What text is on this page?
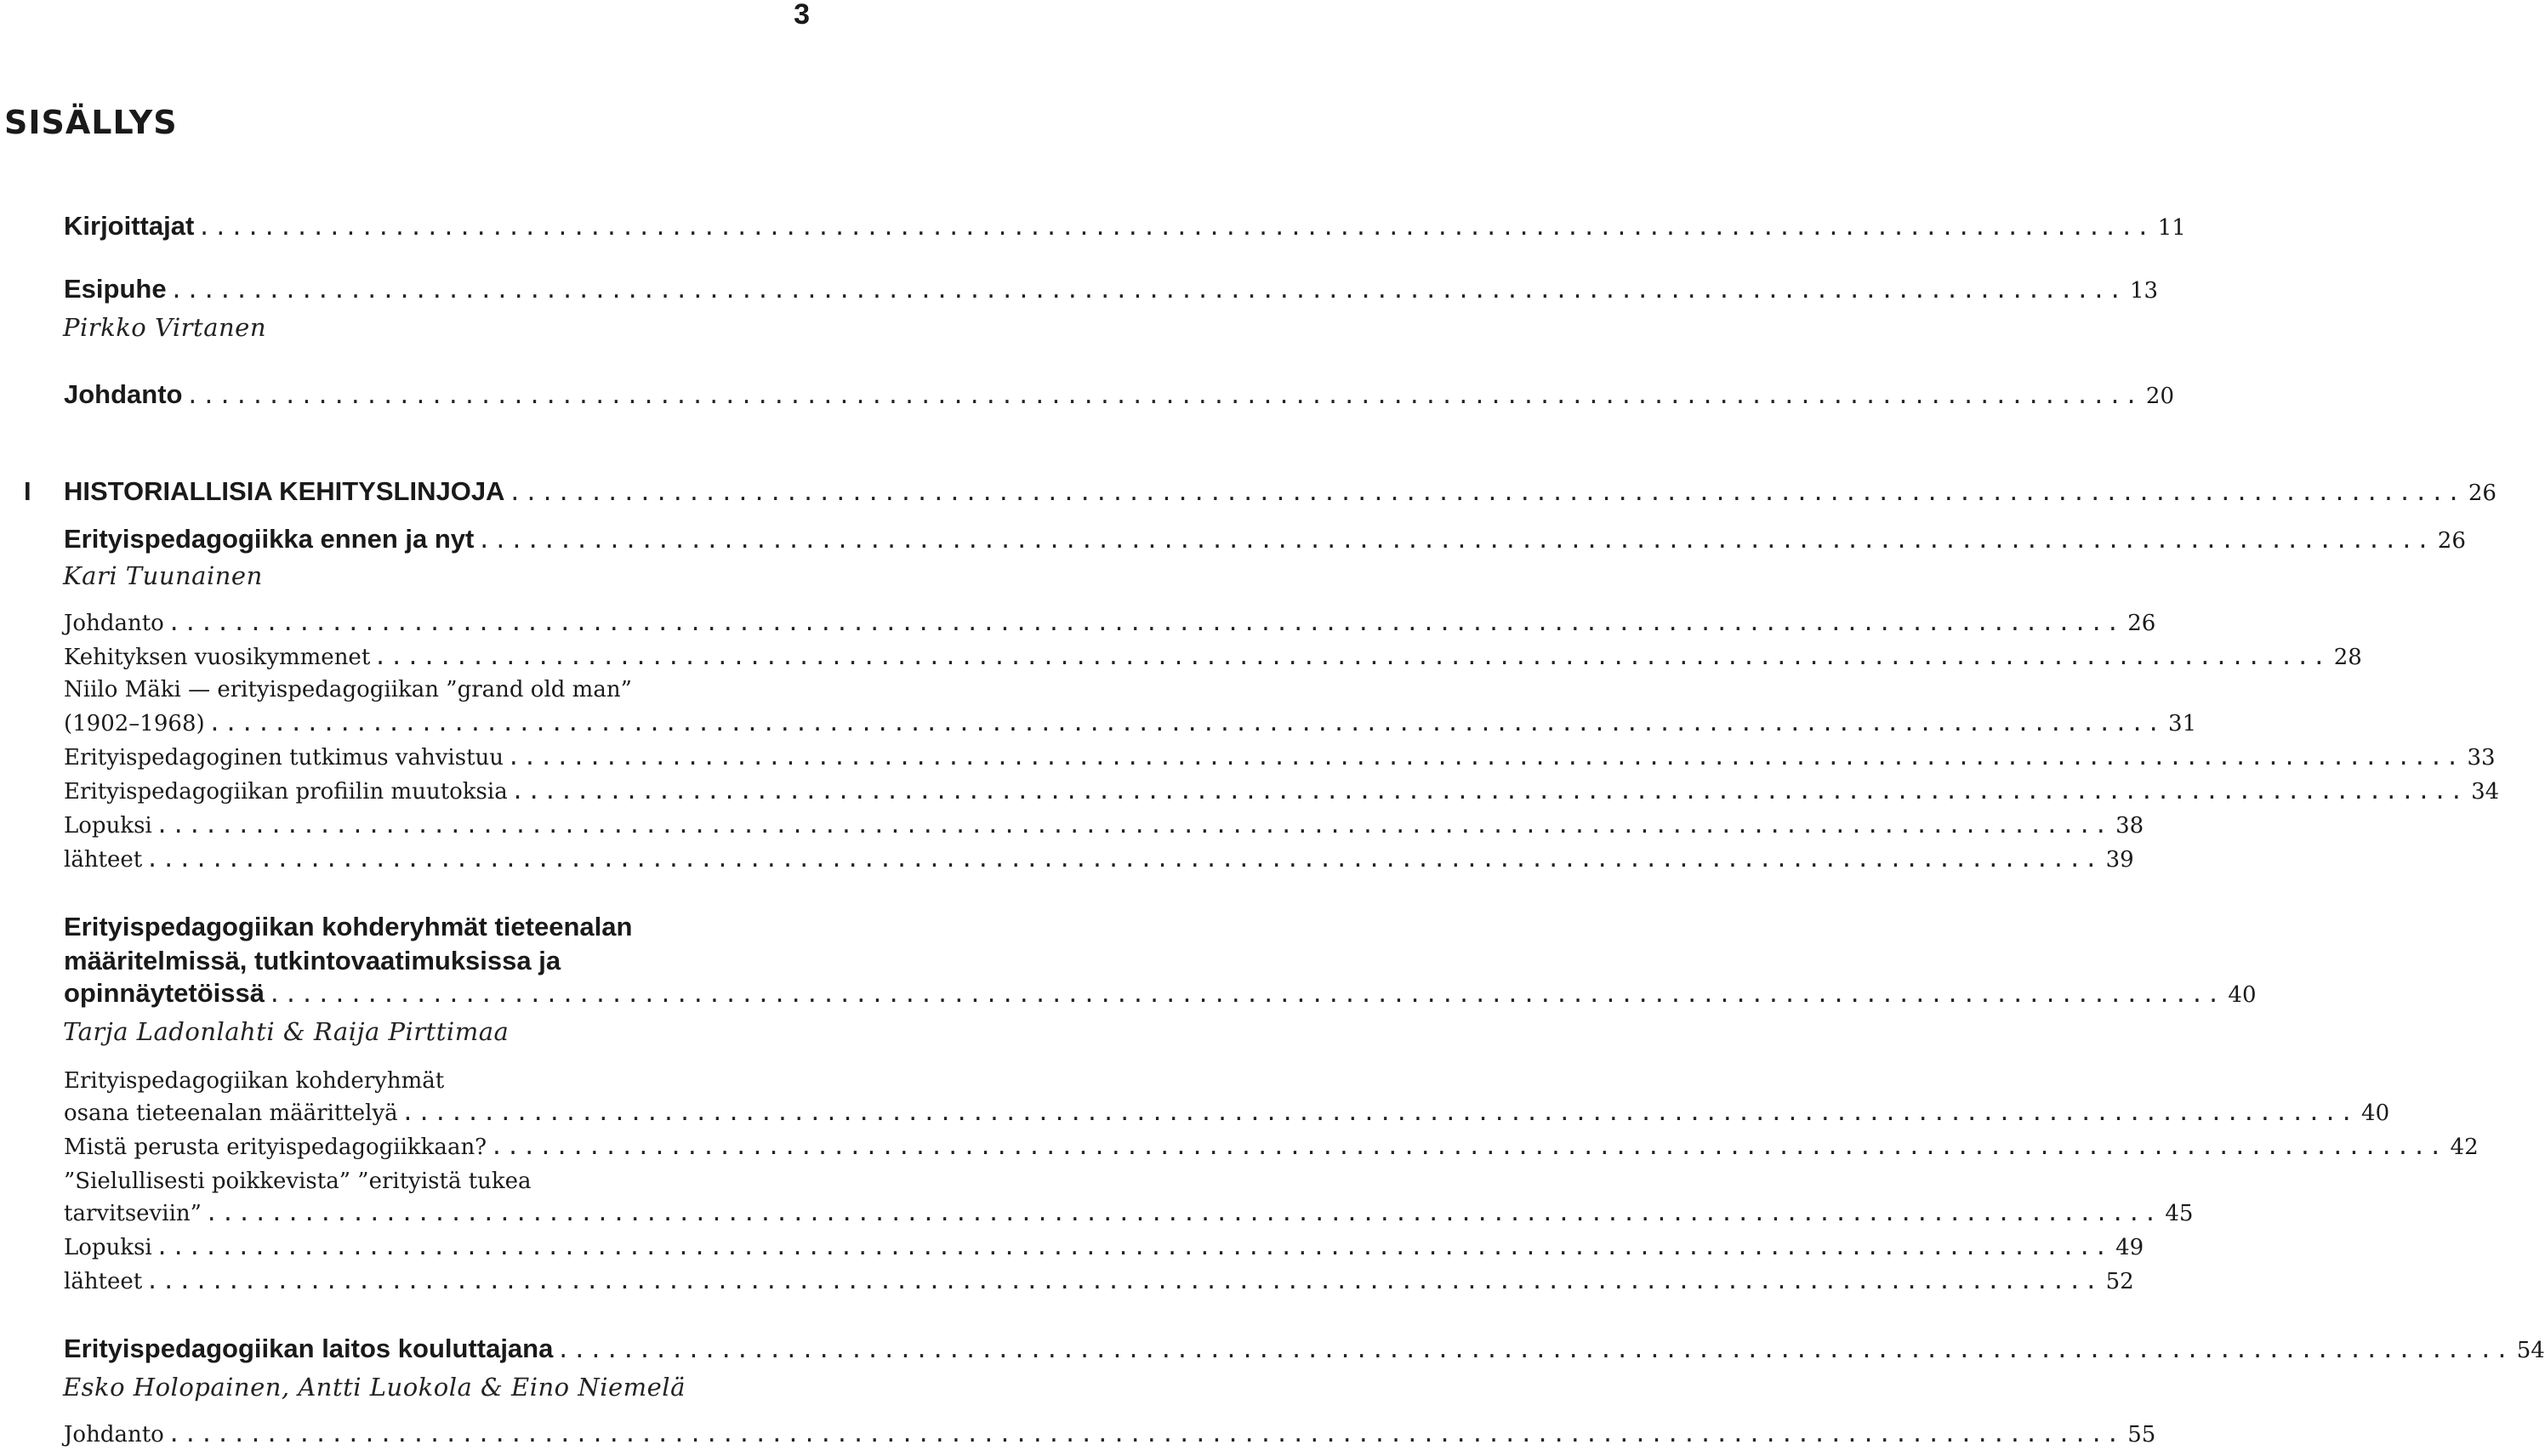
3
SISÄLLYS
Kirjoittajat ........................................................................................................................ 11
Esipuhe ........................................................................................................................ 13
Pirkko Virtanen
Johdanto ........................................................................................................................ 20
I HISTORIALLISIA KEHITYSLINJOJA ........................................................................................................................ 26
Erityispedagogiikka ennen ja nyt ........................................................................................................................ 26
Kari Tuunainen
Johdanto ........................................................................................................................ 26
Kehityksen vuosikymmenet ........................................................................................................................ 28
Niilo Mäki — erityispedagogiikan ”grand old man”
(1902–1968) ........................................................................................................................ 31
Erityispedagoginen tutkimus vahvistuu ........................................................................................................................ 33
Erityispedagogiikan profiilin muutoksia ........................................................................................................................ 34
Lopuksi ........................................................................................................................ 38
lähteet ........................................................................................................................ 39
Erityispedagogiikan kohderyhmät tieteenalan
määritelmissä, tutkintovaatimuksissa ja
opinnäytetöissä ........................................................................................................................ 40
Tarja Ladonlahti & Raija Pirttimaa
Erityispedagogiikan kohderyhmät
osana tieteenalan määrittelyä ........................................................................................................................ 40
Mistä perusta erityispedagogiikkaan? ........................................................................................................................ 42
”Sielullisesti poikkevista” ”erityistä tukea
tarvitseviin” ........................................................................................................................ 45
Lopuksi ........................................................................................................................ 49
lähteet ........................................................................................................................ 52
Erityispedagogiikan laitos kouluttajana ........................................................................................................................ 54
Esko Holopainen, Antti Luokola & Eino Niemelä
Johdanto ........................................................................................................................ 55
